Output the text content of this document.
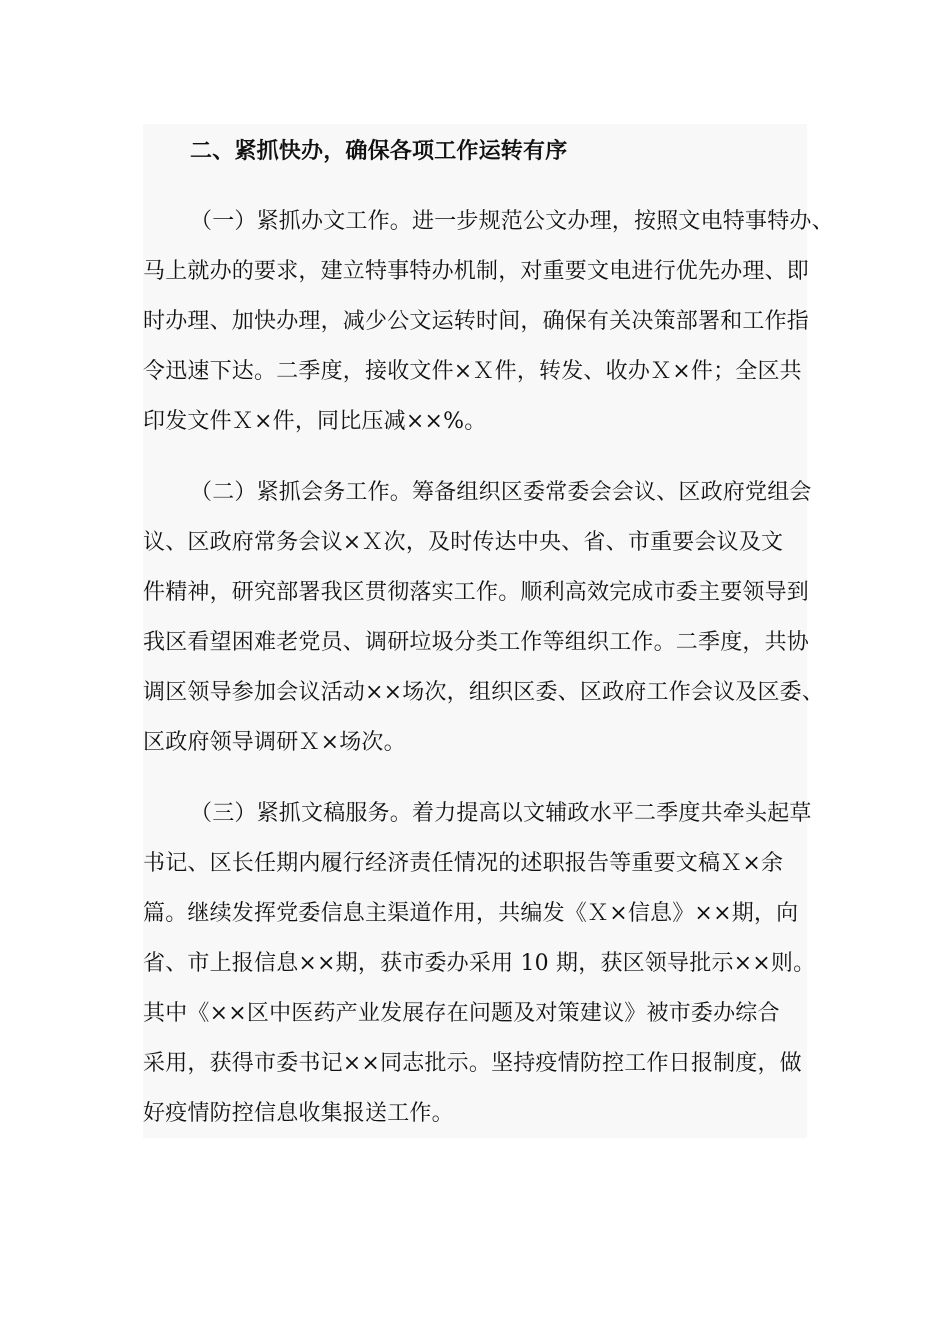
二、紧抓快办，确保各项工作运转有序
（一）紧抓办文工作。进一步规范公文办理，按照文电特事特办、
马上就办的要求，建立特事特办机制，对重要文电进行优先办理、即
时办理、加快办理，减少公文运转时间，确保有关决策部署和工作指
令迅速下达。二季度，接收文件×Ｘ件，转发、收办Ｘ×件；全区共
印发文件Ｘ×件，同比压减××%。
（二）紧抓会务工作。筹备组织区委常委会会议、区政府党组会
议、区政府常务会议×Ｘ次，及时传达中央、省、市重要会议及文
件精神，研究部署我区贯彻落实工作。顺利高效完成市委主要领导到
我区看望困难老党员、调研垃圾分类工作等组织工作。二季度，共协
调区领导参加会议活动××场次，组织区委、区政府工作会议及区委、
区政府领导调研Ｘ×场次。
（三）紧抓文稿服务。着力提高以文辅政水平二季度共牵头起草
书记、区长任期内履行经济责任情况的述职报告等重要文稿Ｘ×余
篇。继续发挥党委信息主渠道作用，共编发《Ｘ×信息》××期，向
省、市上报信息××期，获市委办采用 10 期，获区领导批示××则。
其中《××区中医药产业发展存在问题及对策建议》被市委办综合
采用，获得市委书记××同志批示。坚持疫情防控工作日报制度，做
好疫情防控信息收集报送工作。
